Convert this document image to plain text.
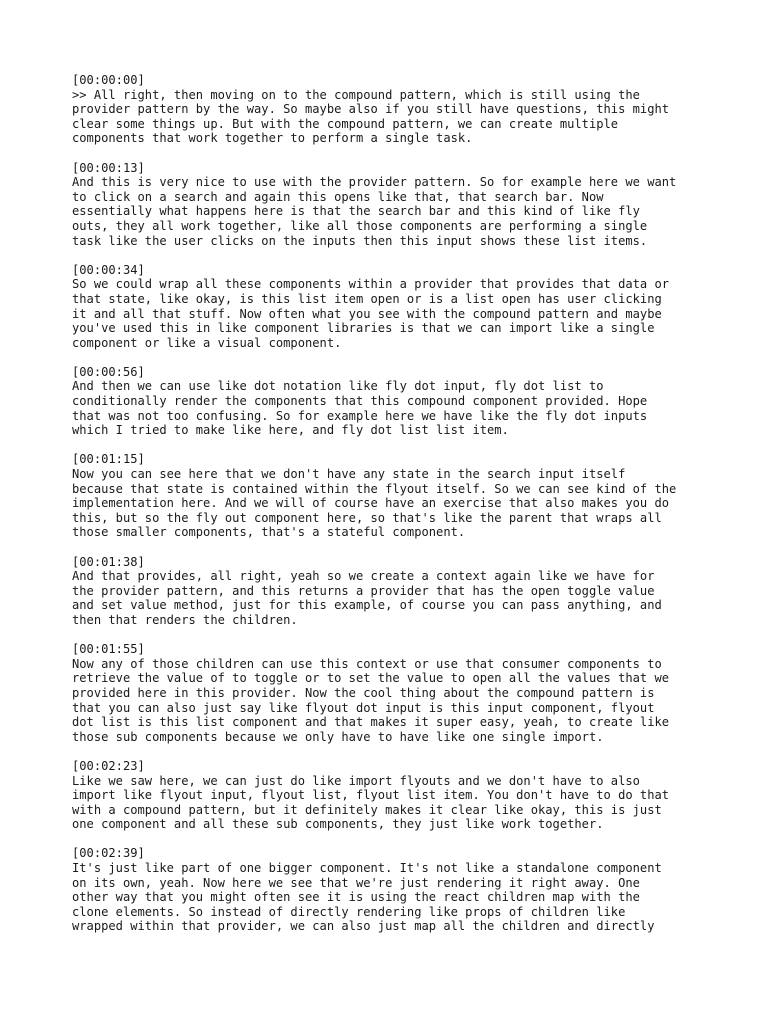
[00:00:00]
>> All right, then moving on to the compound pattern, which is still using the
provider pattern by the way. So maybe also if you still have questions, this might
clear some things up. But with the compound pattern, we can create multiple
components that work together to perform a single task.
[00:00:13]
And this is very nice to use with the provider pattern. So for example here we want
to click on a search and again this opens like that, that search bar. Now
essentially what happens here is that the search bar and this kind of like fly
outs, they all work together, like all those components are performing a single
task like the user clicks on the inputs then this input shows these list items.
[00:00:34]
So we could wrap all these components within a provider that provides that data or
that state, like okay, is this list item open or is a list open has user clicking
it and all that stuff. Now often what you see with the compound pattern and maybe
you've used this in like component libraries is that we can import like a single
component or like a visual component.
[00:00:56]
And then we can use like dot notation like fly dot input, fly dot list to
conditionally render the components that this compound component provided. Hope
that was not too confusing. So for example here we have like the fly dot inputs
which I tried to make like here, and fly dot list list item.
[00:01:15]
Now you can see here that we don't have any state in the search input itself
because that state is contained within the flyout itself. So we can see kind of the
implementation here. And we will of course have an exercise that also makes you do
this, but so the fly out component here, so that's like the parent that wraps all
those smaller components, that's a stateful component.
[00:01:38]
And that provides, all right, yeah so we create a context again like we have for
the provider pattern, and this returns a provider that has the open toggle value
and set value method, just for this example, of course you can pass anything, and
then that renders the children.
[00:01:55]
Now any of those children can use this context or use that consumer components to
retrieve the value of to toggle or to set the value to open all the values that we
provided here in this provider. Now the cool thing about the compound pattern is
that you can also just say like flyout dot input is this input component, flyout
dot list is this list component and that makes it super easy, yeah, to create like
those sub components because we only have to have like one single import.
[00:02:23]
Like we saw here, we can just do like import flyouts and we don't have to also
import like flyout input, flyout list, flyout list item. You don't have to do that
with a compound pattern, but it definitely makes it clear like okay, this is just
one component and all these sub components, they just like work together.
[00:02:39]
It's just like part of one bigger component. It's not like a standalone component
on its own, yeah. Now here we see that we're just rendering it right away. One
other way that you might often see it is using the react children map with the
clone elements. So instead of directly rendering like props of children like
wrapped within that provider, we can also just map all the children and directly
